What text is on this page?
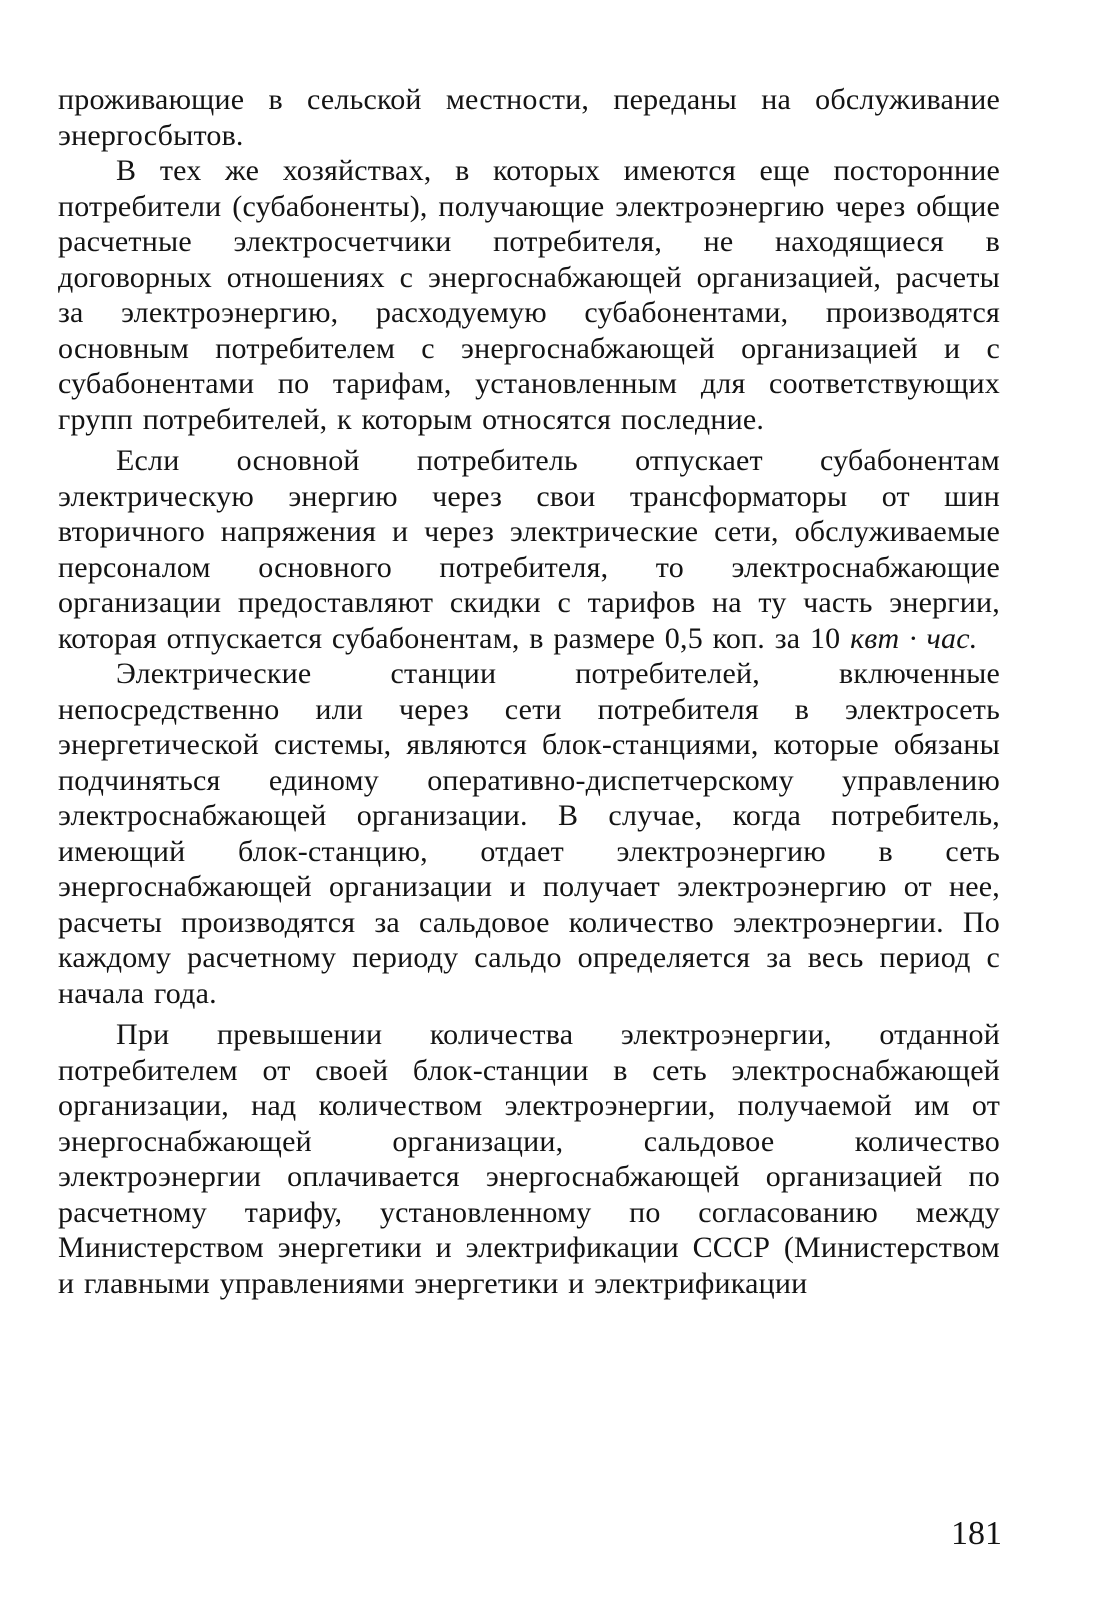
проживающие в сельской местности, переданы на обслуживание энергосбытов.

В тех же хозяйствах, в которых имеются еще посторонние потребители (субабоненты), получающие электроэнергию через общие расчетные электросчетчики потребителя, не находящиеся в договорных отношениях с энергоснабжающей организацией, расчеты за электроэнергию, расходуемую субабонентами, производятся основным потребителем с энергоснабжающей организацией и с субабонентами по тарифам, установленным для соответствующих групп потребителей, к которым относятся последние.

Если основной потребитель отпускает субабонентам электрическую энергию через свои трансформаторы от шин вторичного напряжения и через электрические сети, обслуживаемые персоналом основного потребителя, то электроснабжающие организации предоставляют скидки с тарифов на ту часть энергии, которая отпускается субабонентам, в размере 0,5 коп. за 10 квт · час.

Электрические станции потребителей, включенные непосредственно или через сети потребителя в электросеть энергетической системы, являются блок-станциями, которые обязаны подчиняться единому оперативно-диспетчерскому управлению электроснабжающей организации. В случае, когда потребитель, имеющий блок-станцию, отдает электроэнергию в сеть энергоснабжающей организации и получает электроэнергию от нее, расчеты производятся за сальдовое количество электроэнергии. По каждому расчетному периоду сальдо определяется за весь период с начала года.

При превышении количества электроэнергии, отданной потребителем от своей блок-станции в сеть электроснабжающей организации, над количеством электроэнергии, получаемой им от энергоснабжающей организации, сальдовое количество электроэнергии оплачивается энергоснабжающей организацией по расчетному тарифу, установленному по согласованию между Министерством энергетики и электрификации СССР (Министерством и главными управлениями энергетики и электрификации

181
